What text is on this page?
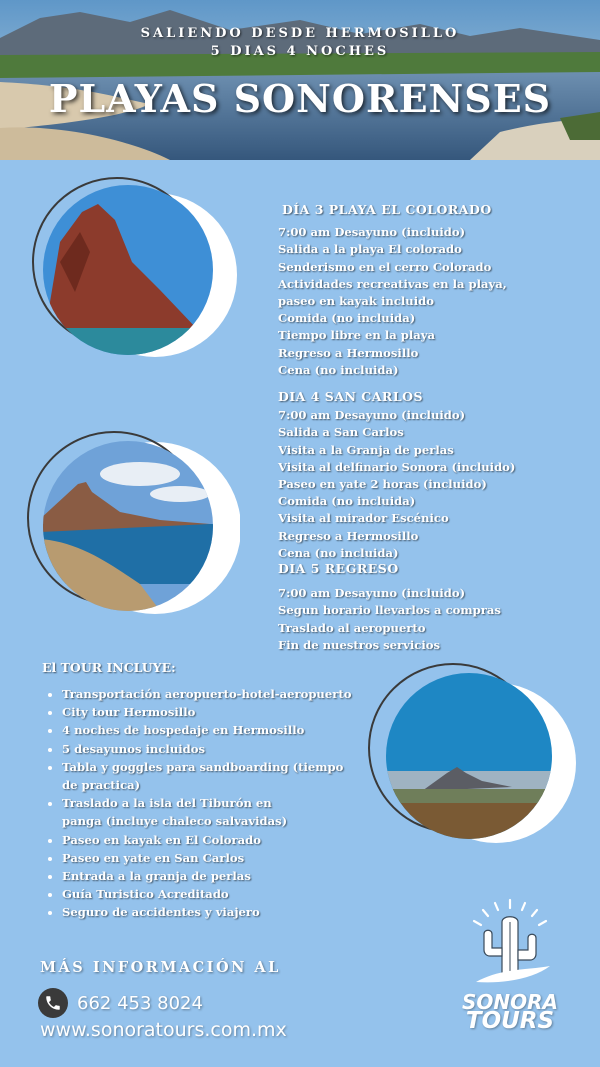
SALIENDO DESDE HERMOSILLO
5 DIAS 4 NOCHES
PLAYAS SONORENSES
DÍA 3 PLAYA EL COLORADO
7:00 am Desayuno (incluido)
Salida a la playa El colorado
Senderismo en el cerro Colorado
Actividades recreativas en la playa, paseo en kayak incluido
Comida (no incluida)
Tiempo libre en la playa
Regreso a Hermosillo
Cena (no incluida)
DIA 4 SAN CARLOS
7:00 am Desayuno (incluido)
Salida a San Carlos
Visita a la Granja de perlas
Visita al delfinario Sonora (incluido)
Paseo en yate 2 horas (incluido)
Comida (no incluida)
Visita al mirador Escénico
Regreso a Hermosillo
Cena (no incluida)
DIA 5 REGRESO
7:00 am Desayuno (incluido)
Segun horario llevarlos a compras
Traslado al aeropuerto
Fin de nuestros servicios
El TOUR INCLUYE:
• Transportación aeropuerto-hotel-aeropuerto
• City tour Hermosillo
• 4 noches de hospedaje en Hermosillo
• 5 desayunos incluidos
• Tabla y goggles para sandboarding (tiempo de practica)
• Traslado a la isla del Tiburón en panga (incluye chaleco salvavidas)
• Paseo en kayak en El Colorado
• Paseo en yate en San Carlos
• Entrada a la granja de perlas
• Guía Turistico Acreditado
• Seguro de accidentes y viajero
MÁS INFORMACIÓN AL
662 453 8024
www.sonoratours.com.mx
SONORA
TOURS
